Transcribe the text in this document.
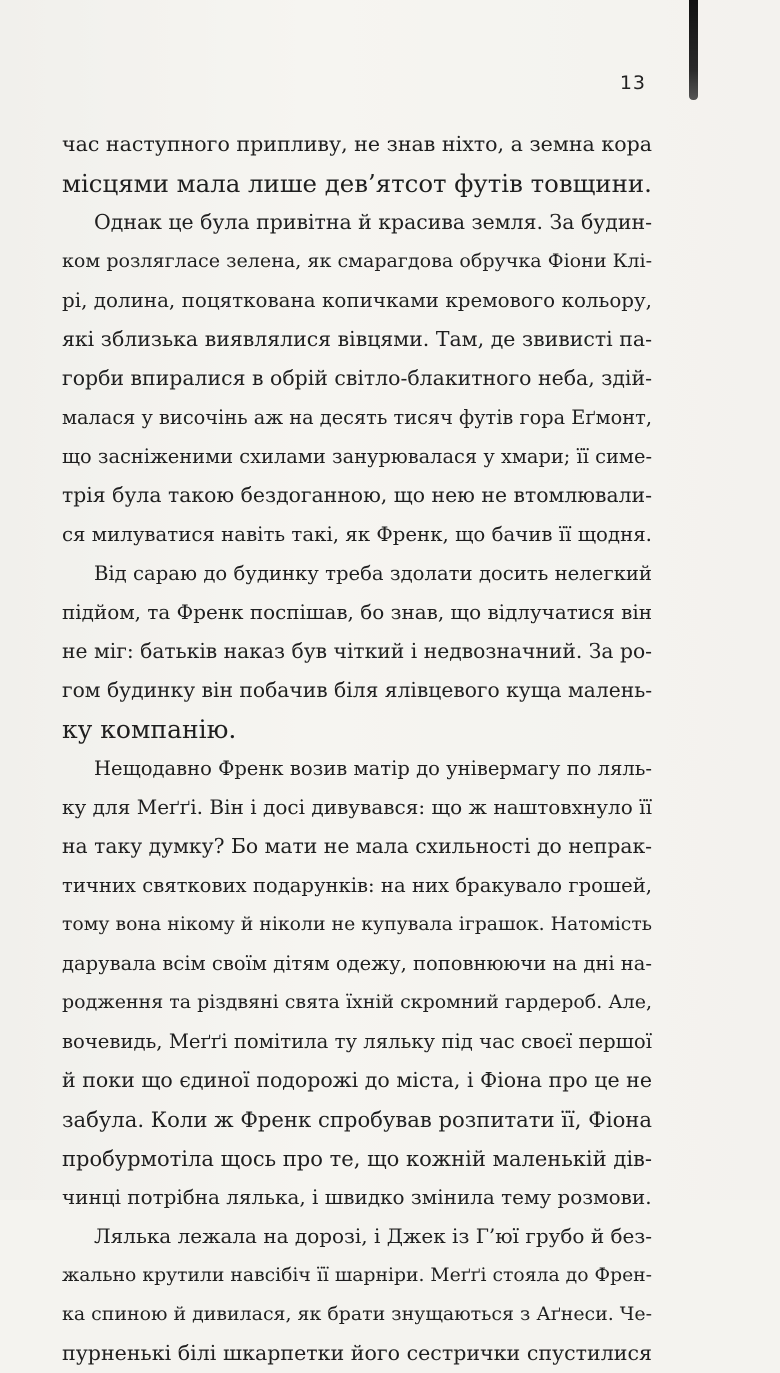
13
час наступного припливу, не знав ніхто, а земна кора
місцями мала лише дев’ятсот футів товщини.
Однак це була привітна й красива земля. За будин-
ком розлягласе зелена, як смарагдова обручка Фіони Клі-
рі, долина, поцяткована копичками кремового кольору,
які зблизька виявлялися вівцями. Там, де звивисті па-
горби впиралися в обрій світло-блакитного неба, здій-
малася у височінь аж на десять тисяч футів гора Еґмонт,
що засніженими схилами занурювалася у хмари; її симе-
трія була такою бездоганною, що нею не втомлювали-
ся милуватися навіть такі, як Френк, що бачив її щодня.
Від сараю до будинку треба здолати досить нелегкий
підйом, та Френк поспішав, бо знав, що відлучатися він
не міг: батьків наказ був чіткий і недвозначний. За ро-
гом будинку він побачив біля ялівцевого куща малень-
ку компанію.
Нещодавно Френк возив матір до універмагу по ляль-
ку для Меґґі. Він і досі дивувався: що ж наштовхнуло її
на таку думку? Бо мати не мала схильності до непрак-
тичних святкових подарунків: на них бракувало грошей,
тому вона нікому й ніколи не купувала іграшок. Натомість
дарувала всім своїм дітям одежу, поповнюючи на дні на-
родження та різдвяні свята їхній скромний гардероб. Але,
вочевидь, Меґґі помітила ту ляльку під час своєї першої
й поки що єдиної подорожі до міста, і Фіона про це не
забула. Коли ж Френк спробував розпитати її, Фіона
пробурмотіла щось про те, що кожній маленькій дів-
чинці потрібна лялька, і швидко змінила тему розмови.
Лялька лежала на дорозі, і Джек із Г’юї грубо й без-
жально крутили навсібіч її шарніри. Меґґі стояла до Френ-
ка спиною й дивилася, як брати знущаються з Аґнеси. Че-
пурненькі білі шкарпетки його сестрички спустилися
